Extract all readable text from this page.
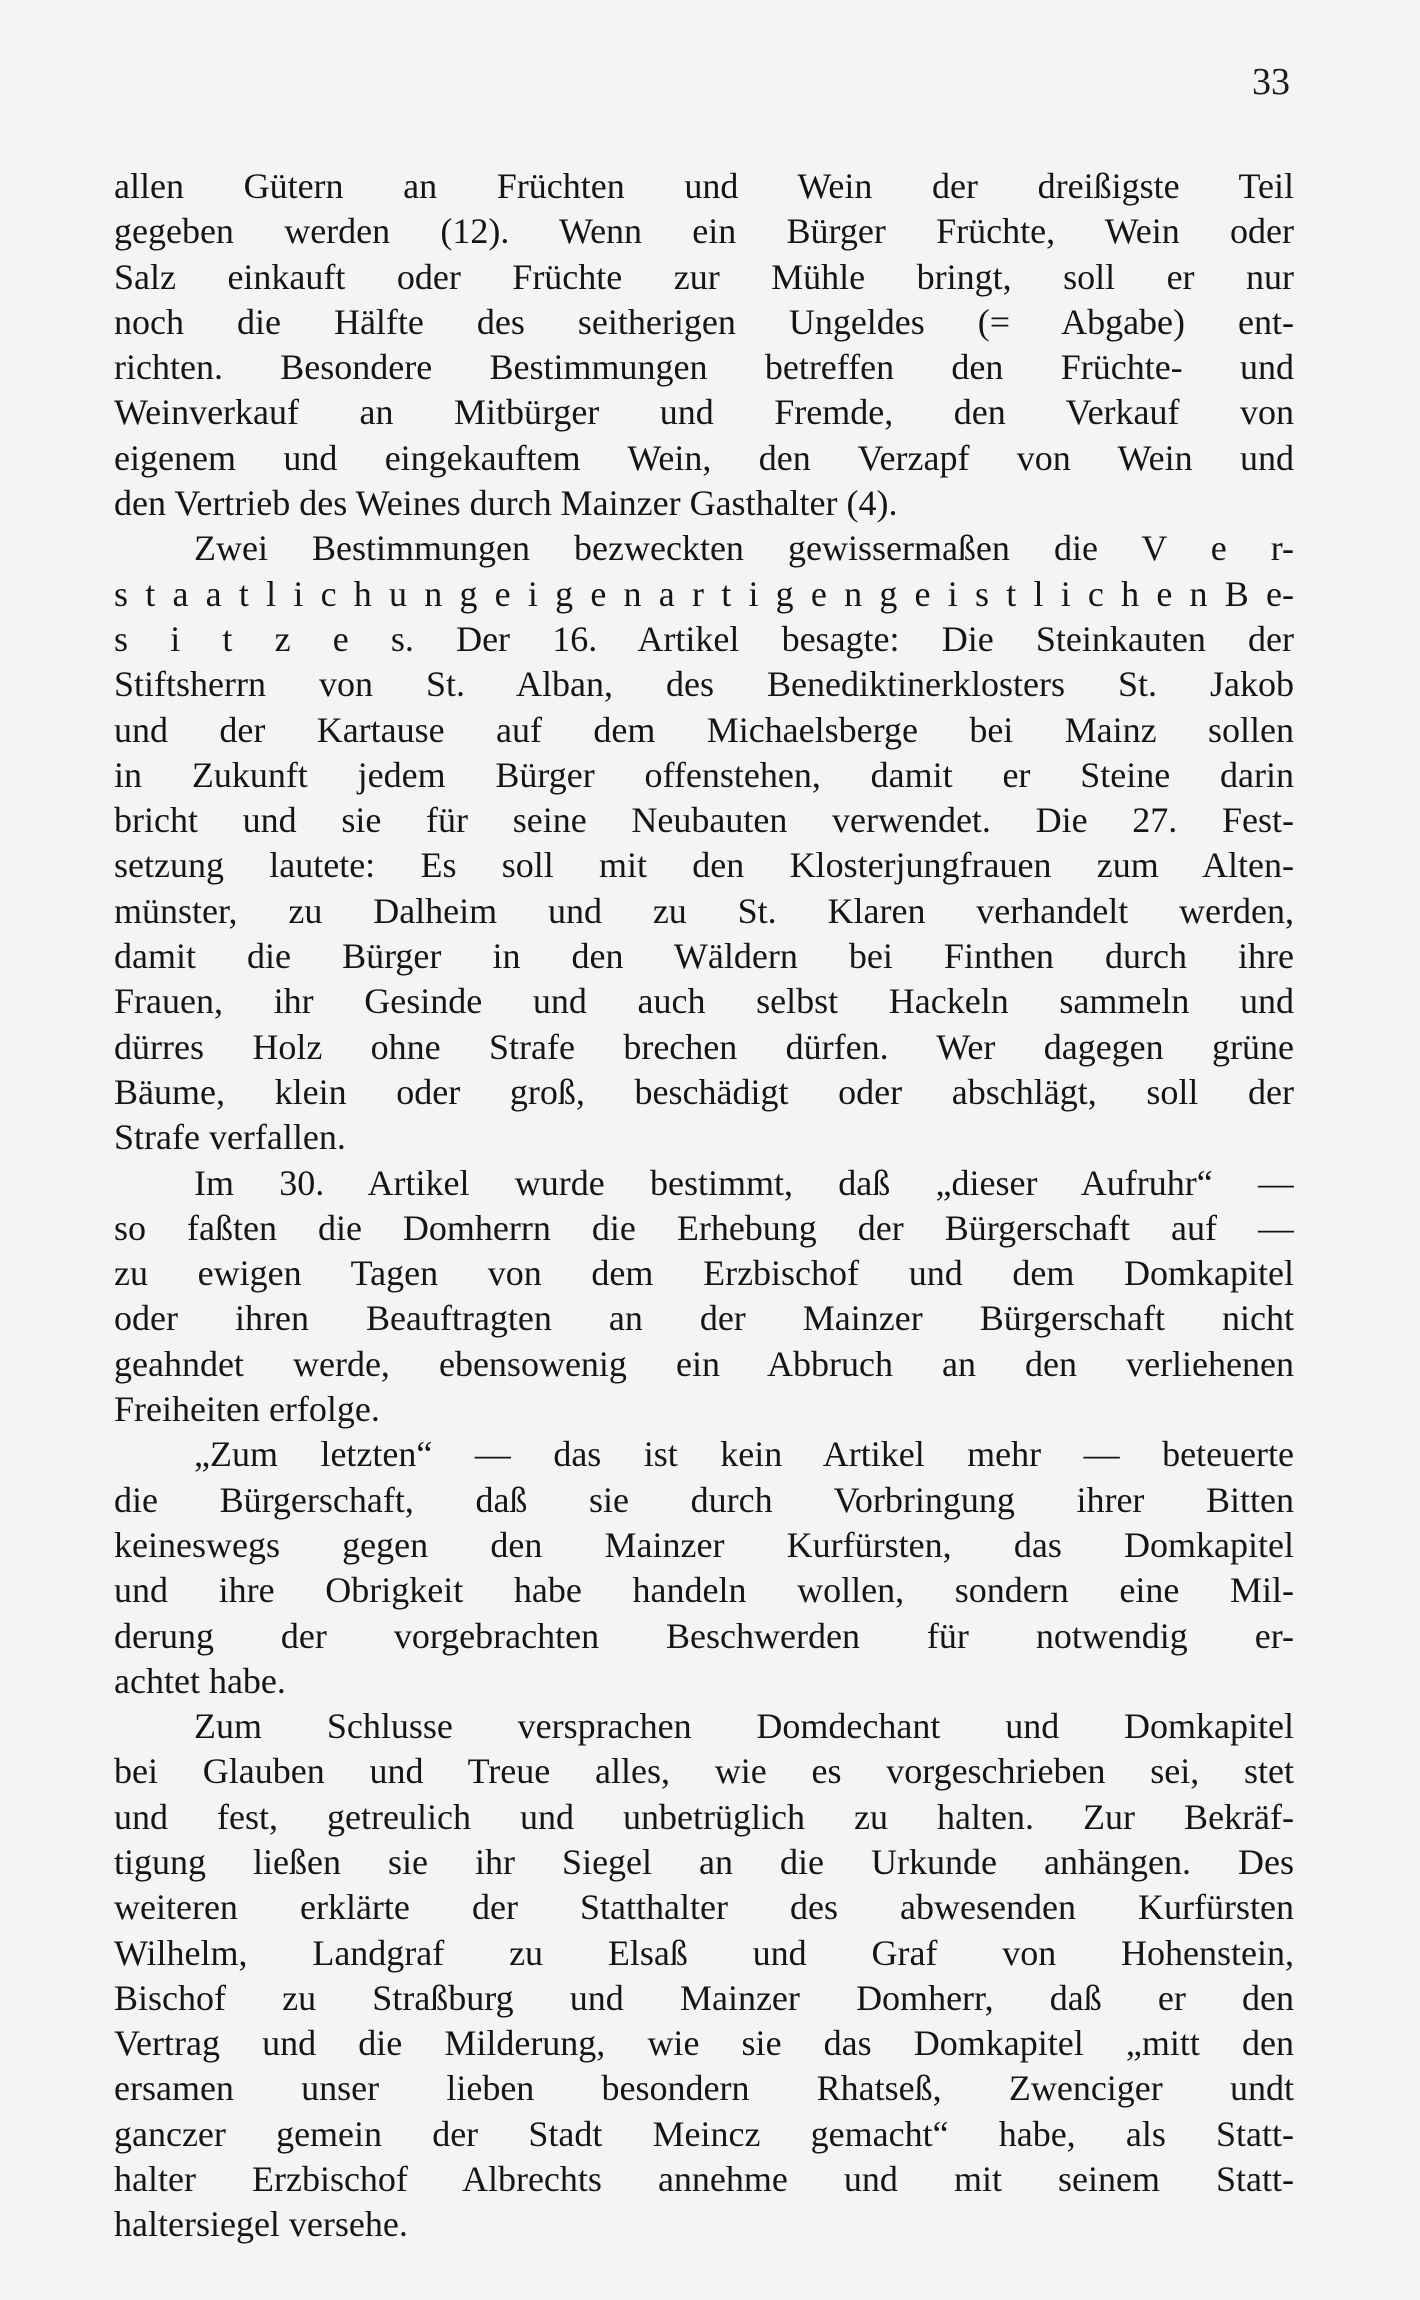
33
allen Gütern an Früchten und Wein der dreißigste Teil
gegeben werden (12). Wenn ein Bürger Früchte, Wein oder
Salz einkauft oder Früchte zur Mühle bringt, soll er nur
noch die Hälfte des seitherigen Ungeldes (= Abgabe) ent-
richten. Besondere Bestimmungen betreffen den Früchte- und
Weinverkauf an Mitbürger und Fremde, den Verkauf von
eigenem und eingekauftem Wein, den Verzapf von Wein und
den Vertrieb des Weines durch Mainzer Gasthalter (4).
Zwei Bestimmungen bezweckten gewissermaßen die V e r-
s t a a t l i c h u n g e i g e n a r t i g e n g e i s t l i c h e n B e-
s i t z e s. Der 16. Artikel besagte: Die Steinkauten der
Stiftsherrn von St. Alban, des Benediktinerklosters St. Jakob
und der Kartause auf dem Michaelsberge bei Mainz sollen
in Zukunft jedem Bürger offenstehen, damit er Steine darin
bricht und sie für seine Neubauten verwendet. Die 27. Fest-
setzung lautete: Es soll mit den Klosterjungfrauen zum Alten-
münster, zu Dalheim und zu St. Klaren verhandelt werden,
damit die Bürger in den Wäldern bei Finthen durch ihre
Frauen, ihr Gesinde und auch selbst Hackeln sammeln und
dürres Holz ohne Strafe brechen dürfen. Wer dagegen grüne
Bäume, klein oder groß, beschädigt oder abschlägt, soll der
Strafe verfallen.
Im 30. Artikel wurde bestimmt, daß „dieser Aufruhr“ —
so faßten die Domherrn die Erhebung der Bürgerschaft auf —
zu ewigen Tagen von dem Erzbischof und dem Domkapitel
oder ihren Beauftragten an der Mainzer Bürgerschaft nicht
geahndet werde, ebensowenig ein Abbruch an den verliehenen
Freiheiten erfolge.
„Zum letzten“ — das ist kein Artikel mehr — beteuerte
die Bürgerschaft, daß sie durch Vorbringung ihrer Bitten
keineswegs gegen den Mainzer Kurfürsten, das Domkapitel
und ihre Obrigkeit habe handeln wollen, sondern eine Mil-
derung der vorgebrachten Beschwerden für notwendig er-
achtet habe.
Zum Schlusse versprachen Domdechant und Domkapitel
bei Glauben und Treue alles, wie es vorgeschrieben sei, stet
und fest, getreulich und unbetrüglich zu halten. Zur Bekräf-
tigung ließen sie ihr Siegel an die Urkunde anhängen. Des
weiteren erklärte der Statthalter des abwesenden Kurfürsten
Wilhelm, Landgraf zu Elsaß und Graf von Hohenstein,
Bischof zu Straßburg und Mainzer Domherr, daß er den
Vertrag und die Milderung, wie sie das Domkapitel „mitt den
ersamen unser lieben besondern Rhatseß, Zwenciger undt
ganczer gemein der Stadt Meincz gemacht“ habe, als Statt-
halter Erzbischof Albrechts annehme und mit seinem Statt-
haltersiegel versehe.
